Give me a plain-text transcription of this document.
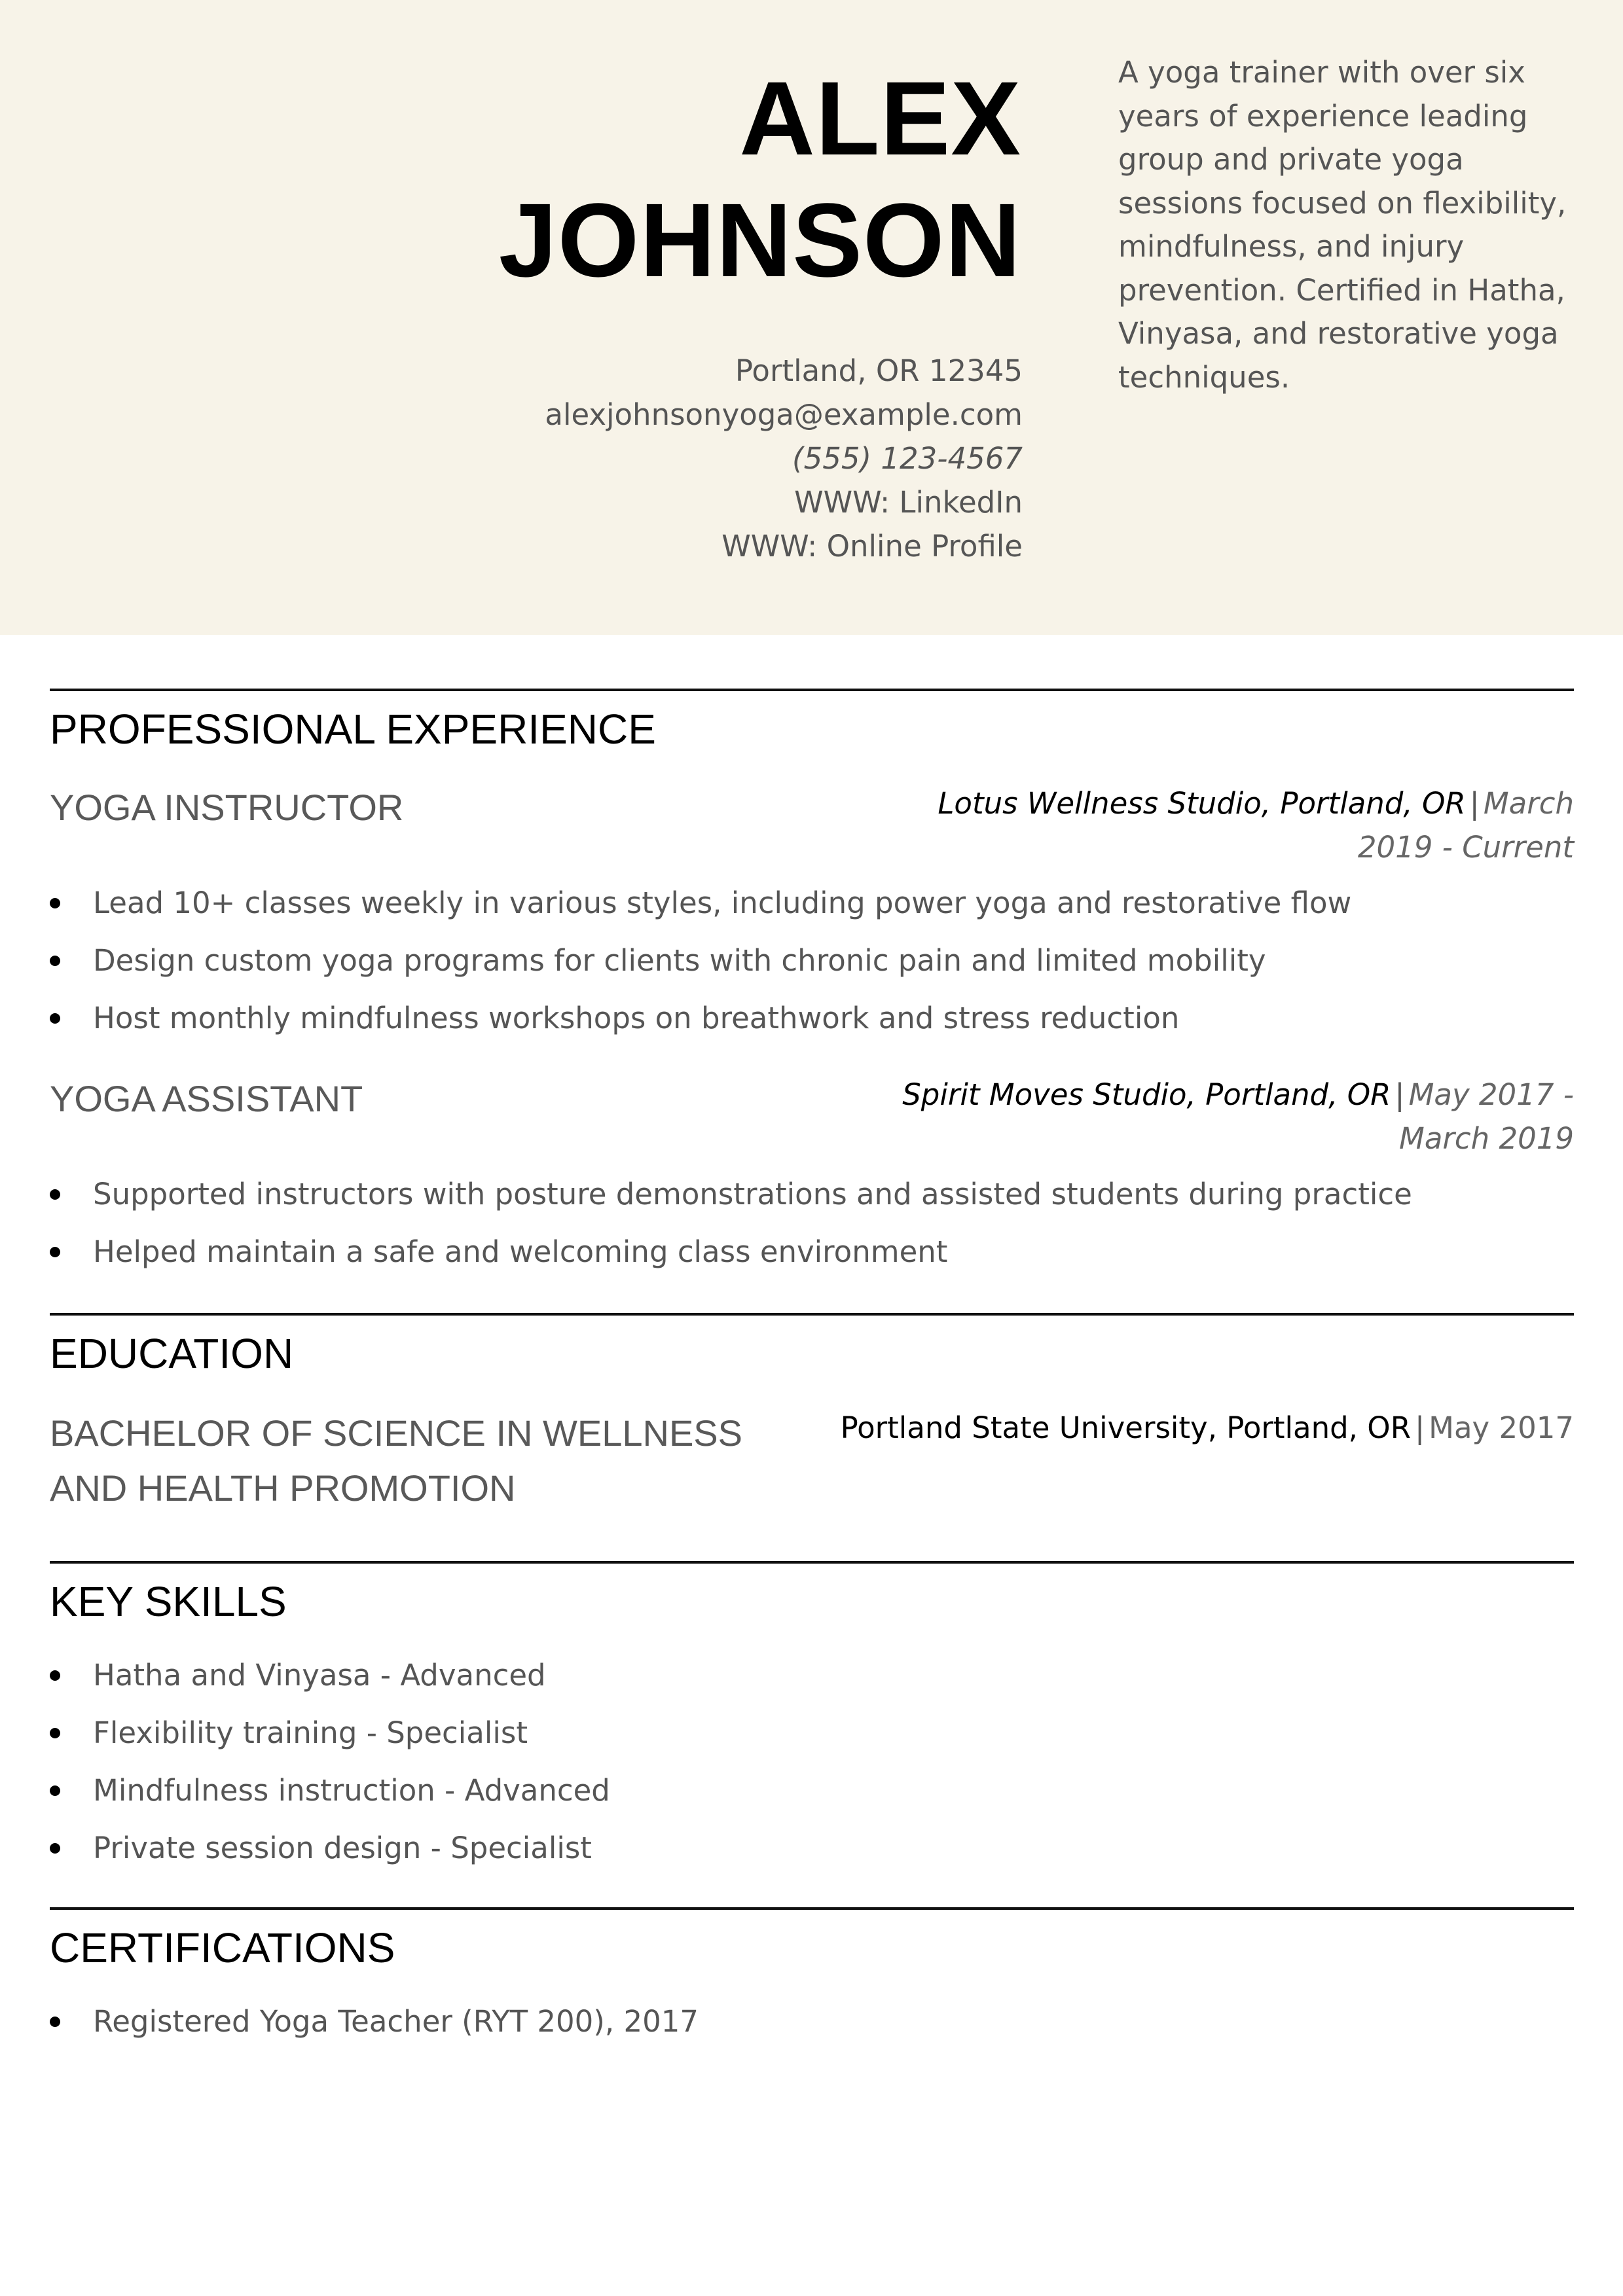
ALEX
JOHNSON
Portland, OR 12345
alexjohnsonyoga@example.com
(555) 123-4567
WWW: LinkedIn
WWW: Online Profile
A yoga trainer with over six years of experience leading group and private yoga sessions focused on flexibility, mindfulness, and injury prevention. Certified in Hatha, Vinyasa, and restorative yoga techniques.
PROFESSIONAL EXPERIENCE
YOGA INSTRUCTOR	Lotus Wellness Studio, Portland, OR | March 2019 - Current
Lead 10+ classes weekly in various styles, including power yoga and restorative flow
Design custom yoga programs for clients with chronic pain and limited mobility
Host monthly mindfulness workshops on breathwork and stress reduction
YOGA ASSISTANT	Spirit Moves Studio, Portland, OR | May 2017 - March 2019
Supported instructors with posture demonstrations and assisted students during practice
Helped maintain a safe and welcoming class environment
EDUCATION
BACHELOR OF SCIENCE IN WELLNESS AND HEALTH PROMOTION
Portland State University, Portland, OR | May 2017
KEY SKILLS
Hatha and Vinyasa - Advanced
Flexibility training - Specialist
Mindfulness instruction - Advanced
Private session design - Specialist
CERTIFICATIONS
Registered Yoga Teacher (RYT 200), 2017
